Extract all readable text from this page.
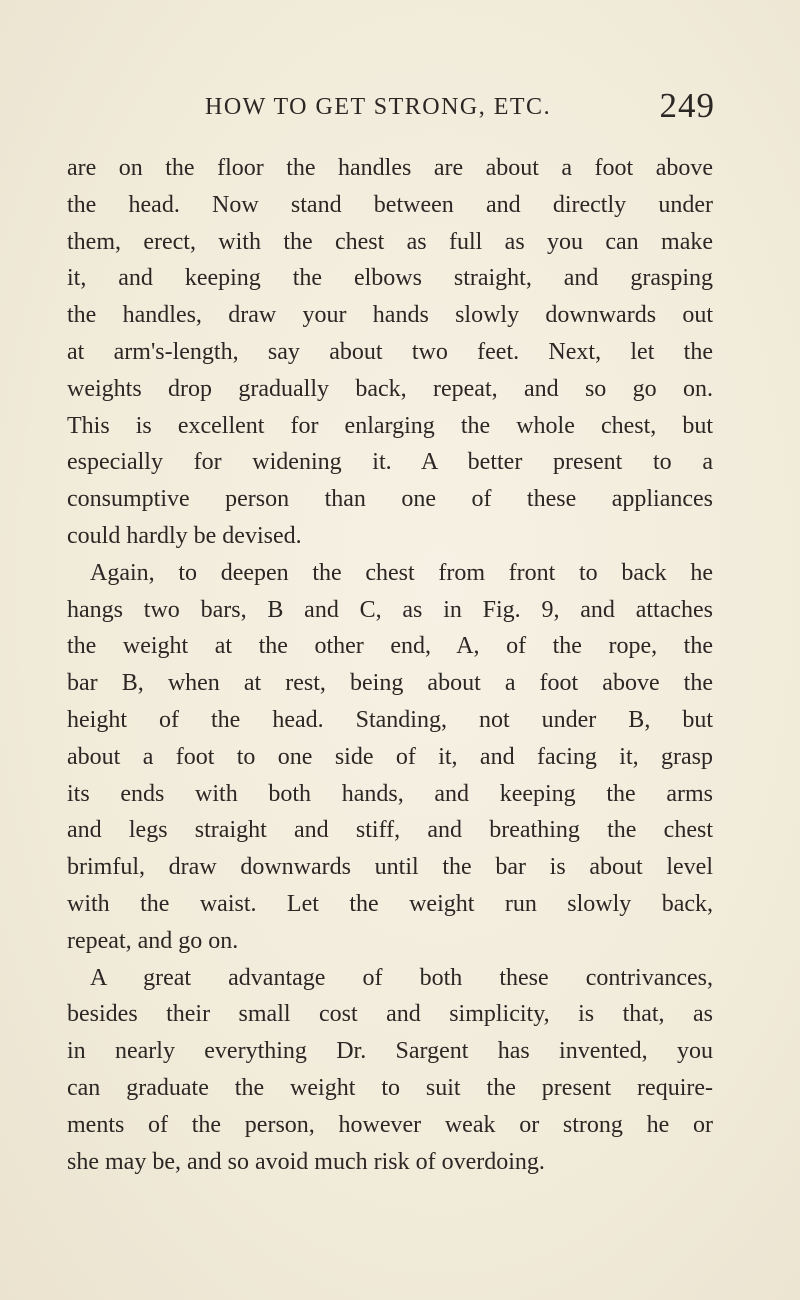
HOW TO GET STRONG, ETC.	249
are on the floor the handles are about a foot above
the head. Now stand between and directly under
them, erect, with the chest as full as you can make
it, and keeping the elbows straight, and grasping
the handles, draw your hands slowly downwards out
at arm's-length, say about two feet. Next, let the
weights drop gradually back, repeat, and so go on.
This is excellent for enlarging the whole chest, but
especially for widening it. A better present to a
consumptive person than one of these appliances
could hardly be devised.
Again, to deepen the chest from front to back he
hangs two bars, B and C, as in Fig. 9, and attaches
the weight at the other end, A, of the rope, the
bar B, when at rest, being about a foot above the
height of the head. Standing, not under B, but
about a foot to one side of it, and facing it, grasp
its ends with both hands, and keeping the arms
and legs straight and stiff, and breathing the chest
brimful, draw downwards until the bar is about level
with the waist. Let the weight run slowly back,
repeat, and go on.
A great advantage of both these contrivances,
besides their small cost and simplicity, is that, as
in nearly everything Dr. Sargent has invented, you
can graduate the weight to suit the present require-
ments of the person, however weak or strong he or
she may be, and so avoid much risk of overdoing.
